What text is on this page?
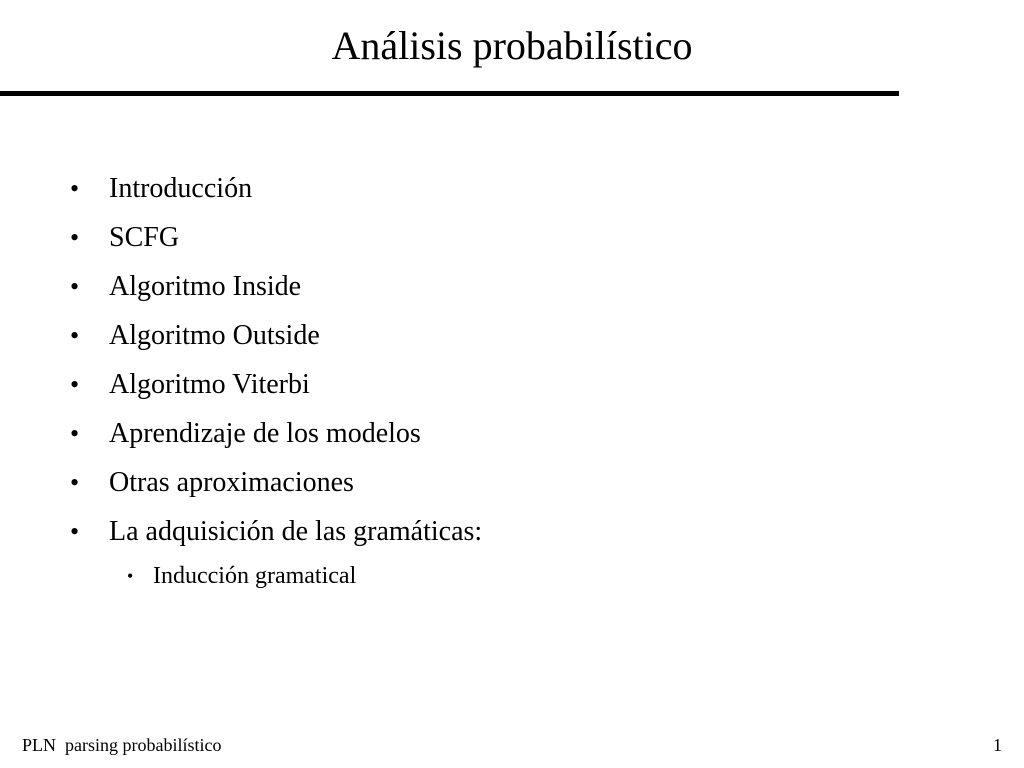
Análisis probabilístico
• Introducción
• SCFG
• Algoritmo Inside
• Algoritmo Outside
• Algoritmo Viterbi
• Aprendizaje de los modelos
• Otras aproximaciones
• La adquisición de las gramáticas:
• Inducción gramatical
PLN  parsing probabilístico	1
